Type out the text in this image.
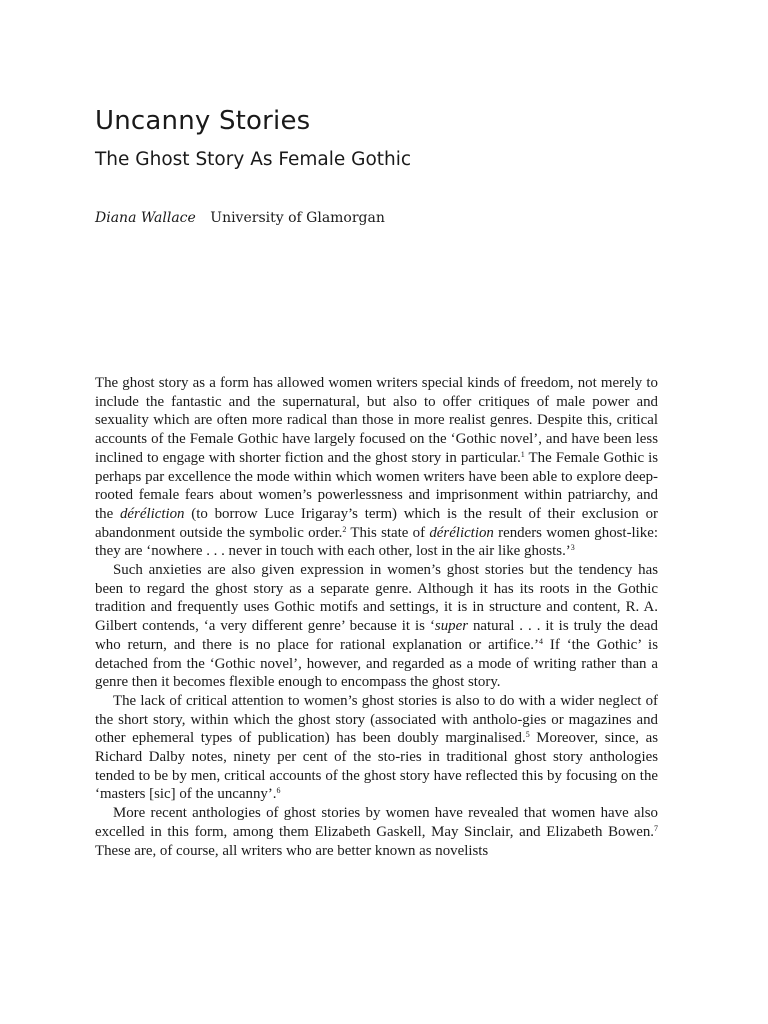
Uncanny Stories
The Ghost Story As Female Gothic
Diana Wallace University of Glamorgan

The ghost story as a form has allowed women writers special kinds of freedom, not merely to include the fantastic and the supernatural, but also to offer critiques of male power and sexuality which are often more radical than those in more realist genres. Despite this, critical accounts of the Female Gothic have largely focused on the ‘Gothic novel’, and have been less inclined to engage with shorter fiction and the ghost story in particular.$^1$ The Female Gothic is perhaps par excellence the mode within which women writers have been able to explore deep-rooted female fears about women’s powerlessness and imprisonment within patriarchy, and the déréliction (to borrow Luce Irigaray’s term) which is the result of their exclusion or abandonment outside the symbolic order.$^2$ This state of déréliction renders women ghost-like: they are ‘nowhere . . . never in touch with each other, lost in the air like ghosts.’$^3$

Such anxieties are also given expression in women’s ghost stories but the tendency has been to regard the ghost story as a separate genre. Although it has its roots in the Gothic tradition and frequently uses Gothic motifs and settings, it is in structure and content, R. A. Gilbert contends, ‘a very different genre’ because it is ‘super natural . . . it is truly the dead who return, and there is no place for rational explanation or artifice.’$^4$ If ‘the Gothic’ is detached from the ‘Gothic novel’, however, and regarded as a mode of writing rather than a genre then it becomes flexible enough to encompass the ghost story.

The lack of critical attention to women’s ghost stories is also to do with a wider neglect of the short story, within which the ghost story (associated with antholo-gies or magazines and other ephemeral types of publication) has been doubly marginalised.$^5$ Moreover, since, as Richard Dalby notes, ninety per cent of the sto-ries in traditional ghost story anthologies tended to be by men, critical accounts of the ghost story have reflected this by focusing on the ‘masters [sic] of the uncanny’.$^6$

More recent anthologies of ghost stories by women have revealed that women have also excelled in this form, among them Elizabeth Gaskell, May Sinclair, and Elizabeth Bowen.$^7$ These are, of course, all writers who are better known as novelists
